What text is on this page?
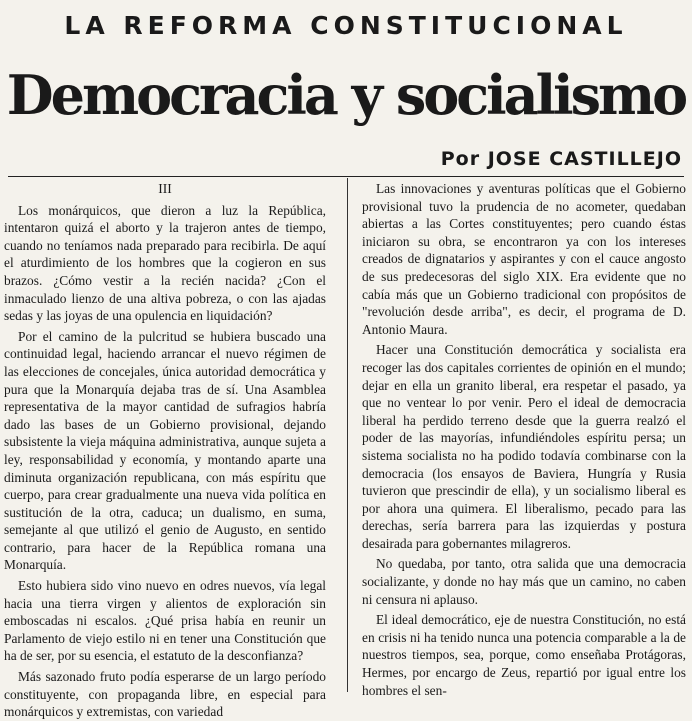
LA REFORMA CONSTITUCIONAL
Democracia y socialismo
Por JOSE CASTILLEJO
III

Los monárquicos, que dieron a luz la República, intentaron quizá el aborto y la trajeron antes de tiempo, cuando no teníamos nada preparado para recibirla. De aquí el aturdimiento de los hombres que la cogieron en sus brazos. ¿Cómo vestir a la recién nacida? ¿Con el inmaculado lienzo de una altiva pobreza, o con las ajadas sedas y las joyas de una opulencia en liquidación?

Por el camino de la pulcritud se hubiera buscado una continuidad legal, haciendo arrancar el nuevo régimen de las elecciones de concejales, única autoridad democrática y pura que la Monarquía dejaba tras de sí. Una Asamblea representativa de la mayor cantidad de sufragios habría dado las bases de un Gobierno provisional, dejando subsistente la vieja máquina administrativa, aunque sujeta a ley, responsabilidad y economía, y montando aparte una diminuta organización republicana, con más espíritu que cuerpo, para crear gradualmente una nueva vida política en sustitución de la otra, caduca; un dualismo, en suma, semejante al que utilizó el genio de Augusto, en sentido contrario, para hacer de la República romana una Monarquía.

Esto hubiera sido vino nuevo en odres nuevos, vía legal hacia una tierra virgen y alientos de exploración sin emboscadas ni escalos. ¿Qué prisa había en reunir un Parlamento de viejo estilo ni en tener una Constitución que ha de ser, por su esencia, el estatuto de la desconfianza?

Más sazonado fruto podía esperarse de un largo período constituyente, con propaganda libre, en especial para monárquicos y extremistas, con variedad

Las innovaciones y aventuras políticas que el Gobierno provisional tuvo la prudencia de no acometer, quedaban abiertas a las Cortes constituyentes; pero cuando éstas iniciaron su obra, se encontraron ya con los intereses creados de dignatarios y aspirantes y con el cauce angosto de sus predecesoras del siglo XIX. Era evidente que no cabía más que un Gobierno tradicional con propósitos de "revolución desde arriba", es decir, el programa de D. Antonio Maura.

Hacer una Constitución democrática y socialista era recoger las dos capitales corrientes de opinión en el mundo; dejar en ella un granito liberal, era respetar el pasado, ya que no ventear lo por venir. Pero el ideal de democracia liberal ha perdido terreno desde que la guerra realzó el poder de las mayorías, infundiéndoles espíritu persa; un sistema socialista no ha podido todavía combinarse con la democracia (los ensayos de Baviera, Hungría y Rusia tuvieron que prescindir de ella), y un socialismo liberal es por ahora una quimera. El liberalismo, pecado para las derechas, sería barrera para las izquierdas y postura desairada para gobernantes milagreros.

No quedaba, por tanto, otra salida que una democracia socializante, y donde no hay más que un camino, no caben ni censura ni aplauso.

El ideal democrático, eje de nuestra Constitución, no está en crisis ni ha tenido nunca una potencia comparable a la de nuestros tiempos, sea, porque, como enseñaba Protágoras, Hermes, por encargo de Zeus, repartió por igual entre los hombres el sen-
